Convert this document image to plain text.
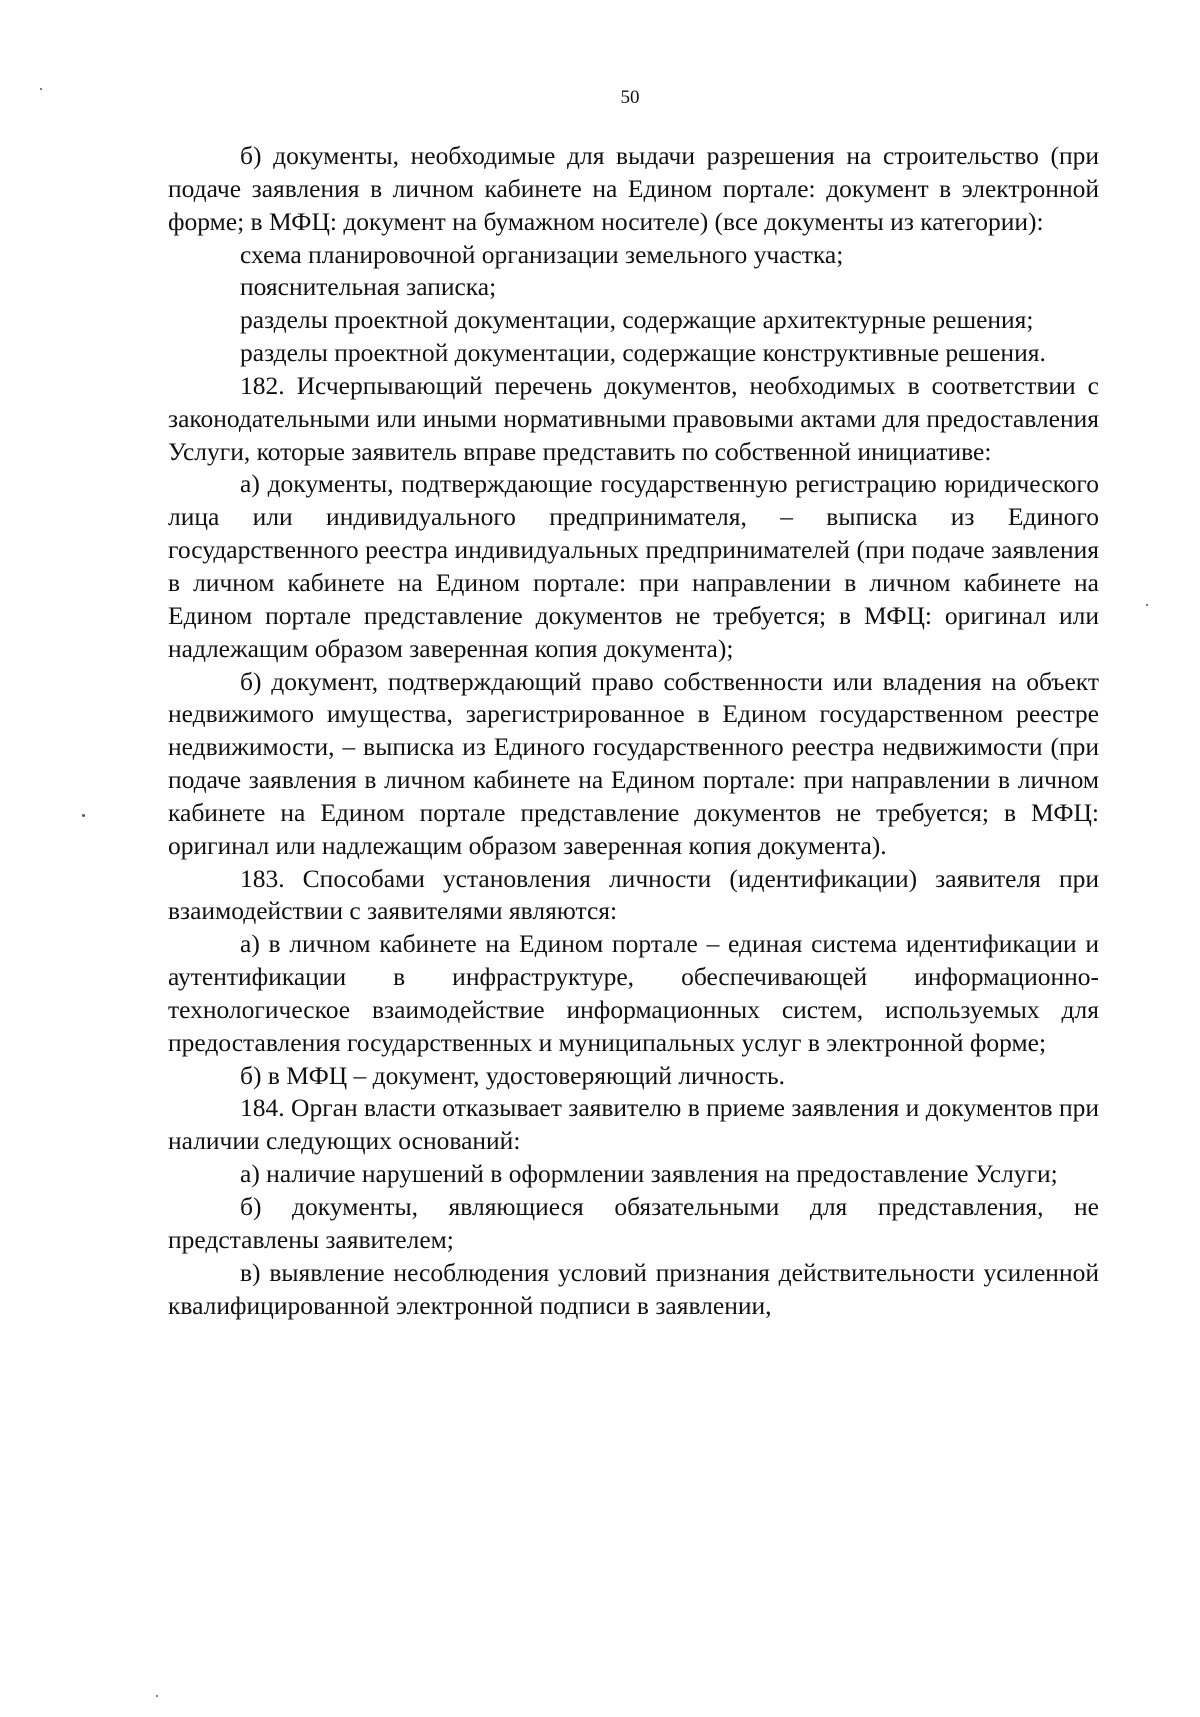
50

б) документы, необходимые для выдачи разрешения на строительство (при подаче заявления в личном кабинете на Едином портале: документ в электронной форме; в МФЦ: документ на бумажном носителе) (все документы из категории):

схема планировочной организации земельного участка;

пояснительная записка;

разделы проектной документации, содержащие архитектурные решения;

разделы проектной документации, содержащие конструктивные решения.

182. Исчерпывающий перечень документов, необходимых в соответствии с законодательными или иными нормативными правовыми актами для предоставления Услуги, которые заявитель вправе представить по собственной инициативе:

а) документы, подтверждающие государственную регистрацию юридического лица или индивидуального предпринимателя, – выписка из Единого государственного реестра индивидуальных предпринимателей (при подаче заявления в личном кабинете на Едином портале: при направлении в личном кабинете на Едином портале представление документов не требуется; в МФЦ: оригинал или надлежащим образом заверенная копия документа);

б) документ, подтверждающий право собственности или владения на объект недвижимого имущества, зарегистрированное в Едином государственном реестре недвижимости, – выписка из Единого государственного реестра недвижимости (при подаче заявления в личном кабинете на Едином портале: при направлении в личном кабинете на Едином портале представление документов не требуется; в МФЦ: оригинал или надлежащим образом заверенная копия документа).

183. Способами установления личности (идентификации) заявителя при взаимодействии с заявителями являются:

а) в личном кабинете на Едином портале – единая система идентификации и аутентификации в инфраструктуре, обеспечивающей информационно-технологическое взаимодействие информационных систем, используемых для предоставления государственных и муниципальных услуг в электронной форме;

б) в МФЦ – документ, удостоверяющий личность.

184. Орган власти отказывает заявителю в приеме заявления и документов при наличии следующих оснований:

а) наличие нарушений в оформлении заявления на предоставление Услуги;

б) документы, являющиеся обязательными для представления, не представлены заявителем;

в) выявление несоблюдения условий признания действительности усиленной квалифицированной электронной подписи в заявлении,
